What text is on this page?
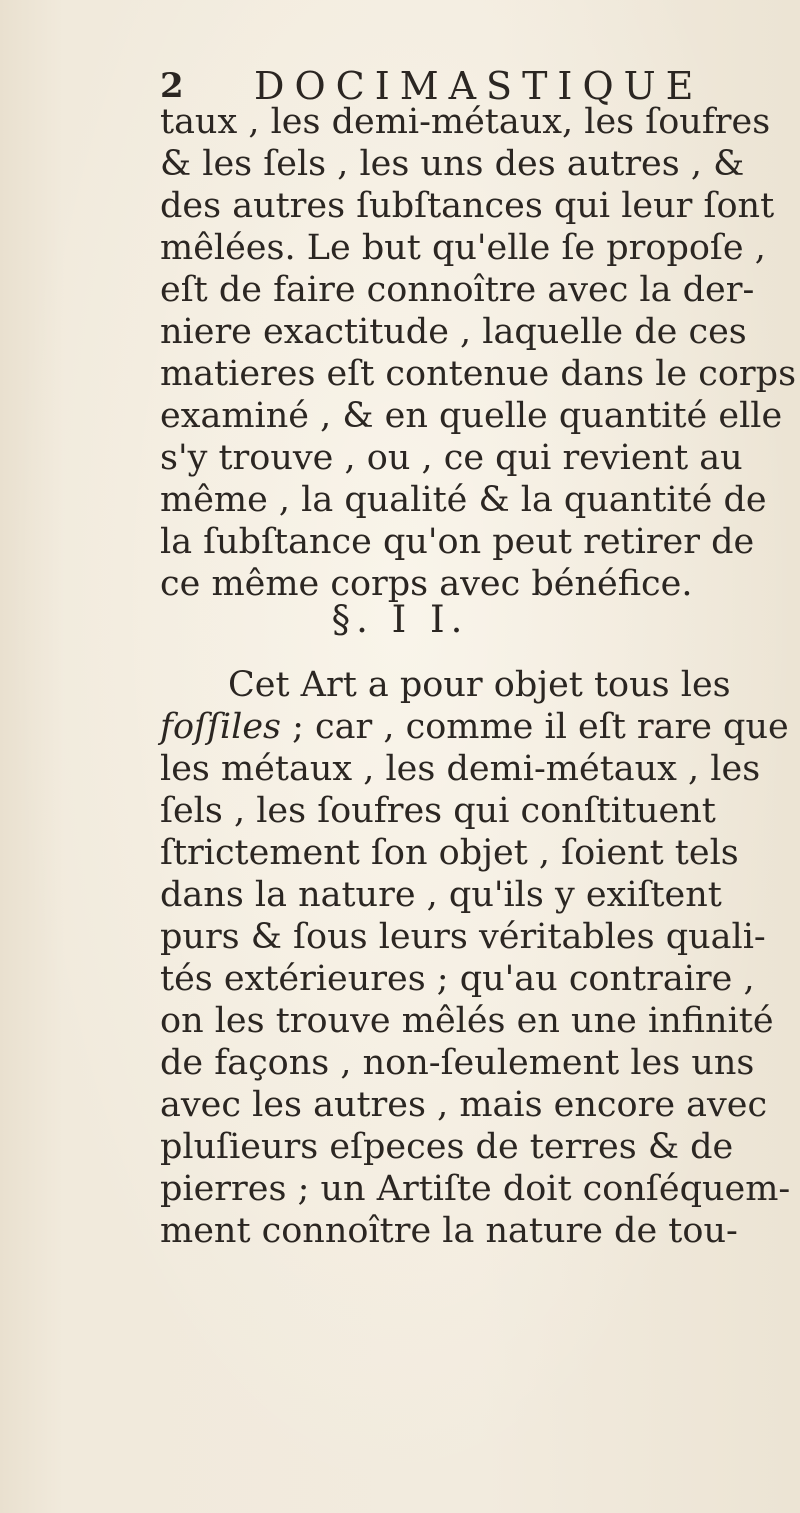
2 DOCIMASTIQUE
taux , les demi-métaux, les ſoufres
& les ſels , les uns des autres , &
des autres ſubſtances qui leur ſont
mêlées. Le but qu'elle ſe propoſe ,
eſt de faire connoître avec la der-
niere exactitude , laquelle de ces
matieres eſt contenue dans le corps
examiné , & en quelle quantité elle
s'y trouve , ou , ce qui revient au
même , la qualité & la quantité de
la ſubſtance qu'on peut retirer de
ce même corps avec bénéfice.
§. I I.
Cet Art a pour objet tous les
foſſiles ; car , comme il eſt rare que
les métaux , les demi-métaux , les
ſels , les ſoufres qui conſtituent
ſtrictement ſon objet , ſoient tels
dans la nature , qu'ils y exiſtent
purs & ſous leurs véritables quali-
tés extérieures ; qu'au contraire ,
on les trouve mêlés en une infinité
de façons , non-ſeulement les uns
avec les autres , mais encore avec
pluſieurs eſpeces de terres & de
pierres ; un Artiſte doit conſéquem-
ment connoître la nature de tou-
